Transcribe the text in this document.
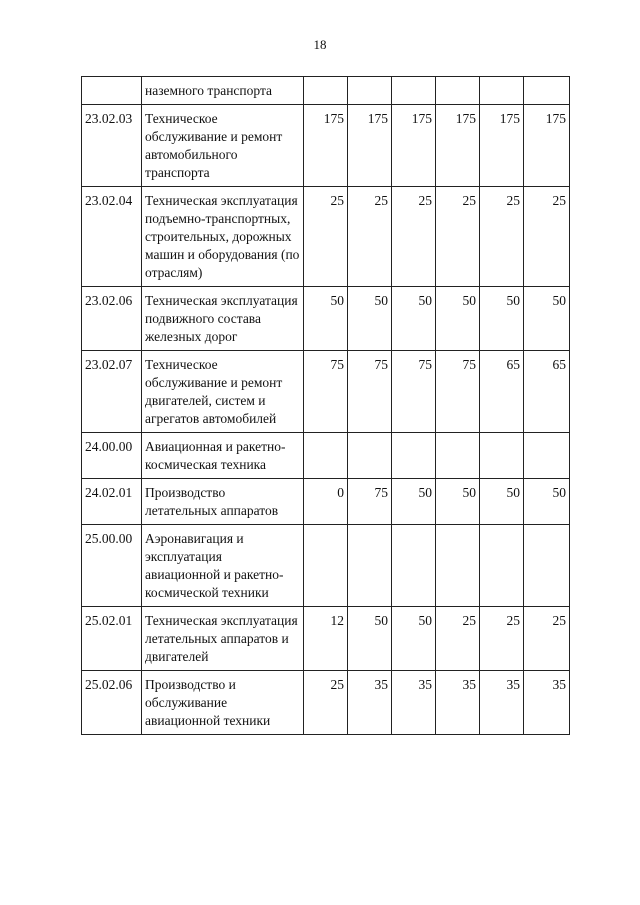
18
	наземного транспорта						
23.02.03	Техническое обслуживание и ремонт автомобильного транспорта	175	175	175	175	175	175
23.02.04	Техническая эксплуатация подъемно-транспортных, строительных, дорожных машин и оборудования (по отраслям)	25	25	25	25	25	25
23.02.06	Техническая эксплуатация подвижного состава железных дорог	50	50	50	50	50	50
23.02.07	Техническое обслуживание и ремонт двигателей, систем и агрегатов автомобилей	75	75	75	75	65	65
24.00.00	Авиационная и ракетно-космическая техника						
24.02.01	Производство летательных аппаратов	0	75	50	50	50	50
25.00.00	Аэронавигация и эксплуатация авиационной и ракетно-космической техники						
25.02.01	Техническая эксплуатация летательных аппаратов и двигателей	12	50	50	25	25	25
25.02.06	Производство и обслуживание авиационной техники	25	35	35	35	35	35
